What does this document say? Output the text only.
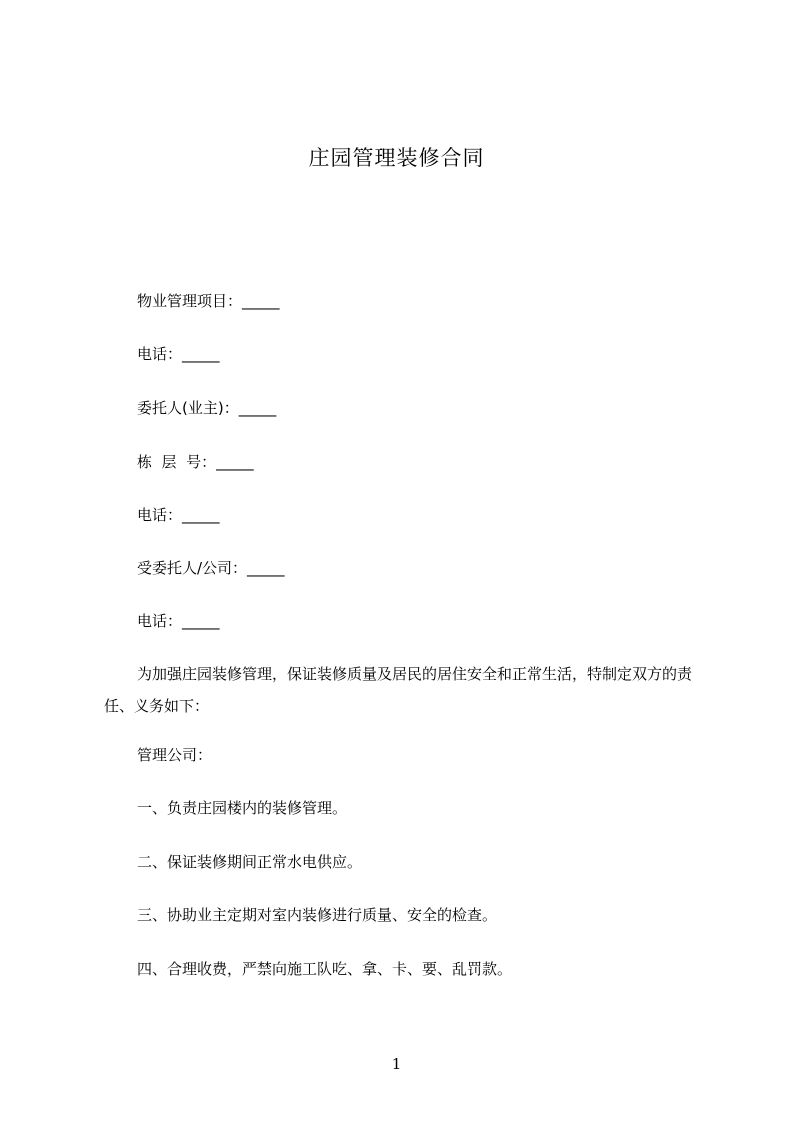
庄园管理装修合同
物业管理项目：_____
电话：_____
委托人(业主)：_____
栋  层  号：_____
电话：_____
受委托人/公司：_____
电话：_____
为加强庄园装修管理，保证装修质量及居民的居住安全和正常生活，特制定双方的责任、义务如下：
管理公司：
一、负责庄园楼内的装修管理。
二、保证装修期间正常水电供应。
三、协助业主定期对室内装修进行质量、安全的检查。
四、合理收费，严禁向施工队吃、拿、卡、要、乱罚款。
1
